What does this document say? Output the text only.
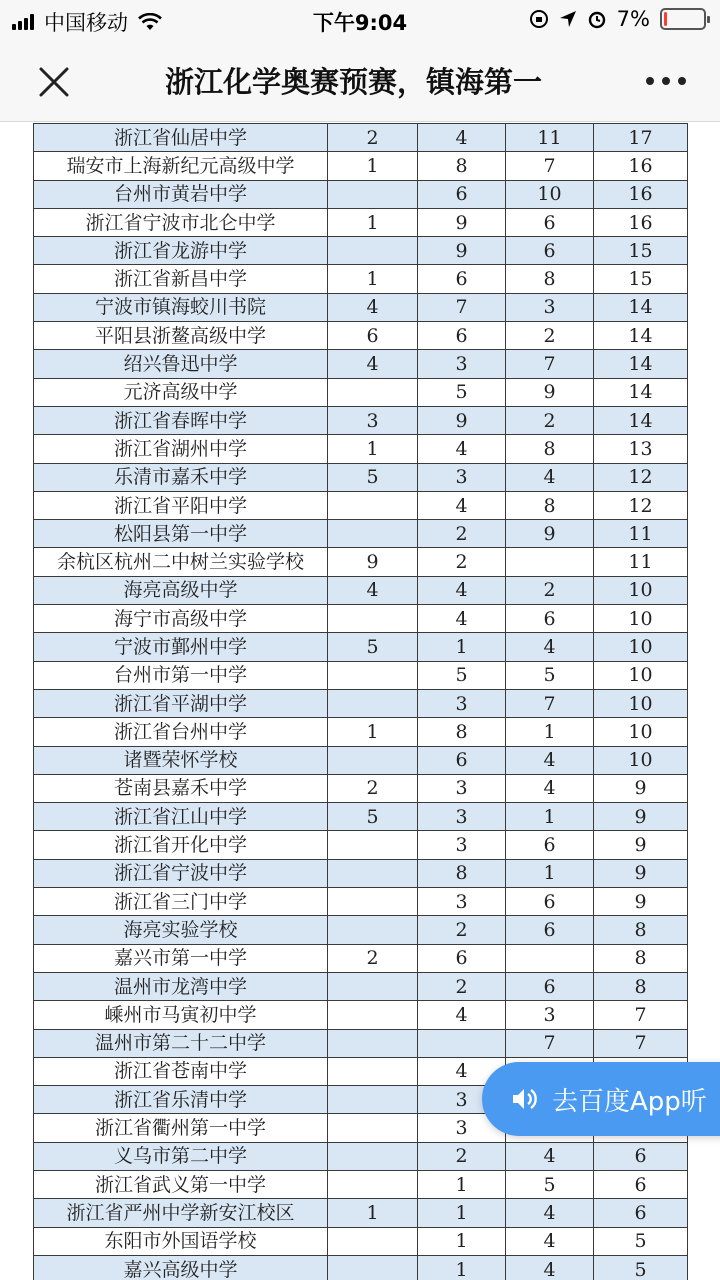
中国移动	下午9:04	7%
浙江化学奥赛预赛，镇海第一
浙江省仙居中学	2	4	11	17
瑞安市上海新纪元高级中学	1	8	7	16
台州市黄岩中学		6	10	16
浙江省宁波市北仑中学	1	9	6	16
浙江省龙游中学		9	6	15
浙江省新昌中学	1	6	8	15
宁波市镇海蛟川书院	4	7	3	14
平阳县浙鳌高级中学	6	6	2	14
绍兴鲁迅中学	4	3	7	14
元济高级中学		5	9	14
浙江省春晖中学	3	9	2	14
浙江省湖州中学	1	4	8	13
乐清市嘉禾中学	5	3	4	12
浙江省平阳中学		4	8	12
松阳县第一中学		2	9	11
余杭区杭州二中树兰实验学校	9	2		11
海亮高级中学	4	4	2	10
海宁市高级中学		4	6	10
宁波市鄞州中学	5	1	4	10
台州市第一中学		5	5	10
浙江省平湖中学		3	7	10
浙江省台州中学	1	8	1	10
诸暨荣怀学校		6	4	10
苍南县嘉禾中学	2	3	4	9
浙江省江山中学	5	3	1	9
浙江省开化中学		3	6	9
浙江省宁波中学		8	1	9
浙江省三门中学		3	6	9
海亮实验学校		2	6	8
嘉兴市第一中学	2	6		8
温州市龙湾中学		2	6	8
嵊州市马寅初中学		4	3	7
温州市第二十二中学			7	7
浙江省苍南中学		4		
浙江省乐清中学		3		
浙江省衢州第一中学		3		
义乌市第二中学		2	4	6
浙江省武义第一中学		1	5	6
浙江省严州中学新安江校区	1	1	4	6
东阳市外国语学校		1	4	5
嘉兴高级中学		1	4	5
去百度App听
